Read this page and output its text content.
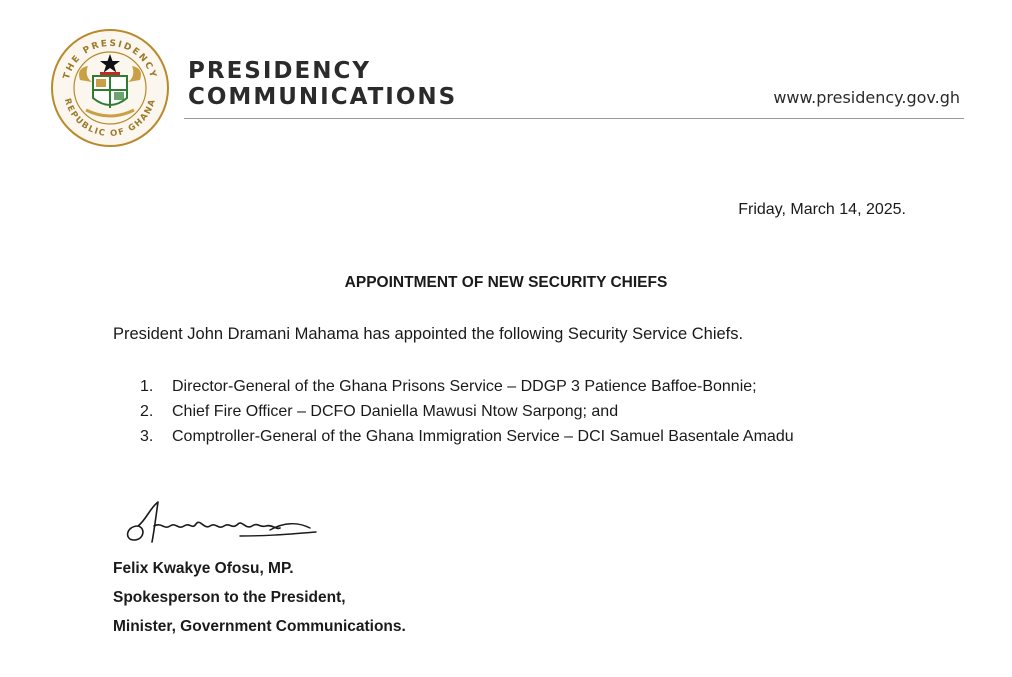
THE PRESIDENCY
REPUBLIC OF GHANA
PRESIDENCY
COMMUNICATIONS	www.presidency.gov.gh
Friday, March 14, 2025.
APPOINTMENT OF NEW SECURITY CHIEFS
President John Dramani Mahama has appointed the following Security Service Chiefs.
1.	Director-General of the Ghana Prisons Service – DDGP 3 Patience Baffoe-Bonnie;
2.	Chief Fire Officer – DCFO Daniella Mawusi Ntow Sarpong; and
3.	Comptroller-General of the Ghana Immigration Service – DCI Samuel Basentale Amadu
Felix Kwakye Ofosu, MP.
Spokesperson to the President,
Minister, Government Communications.
